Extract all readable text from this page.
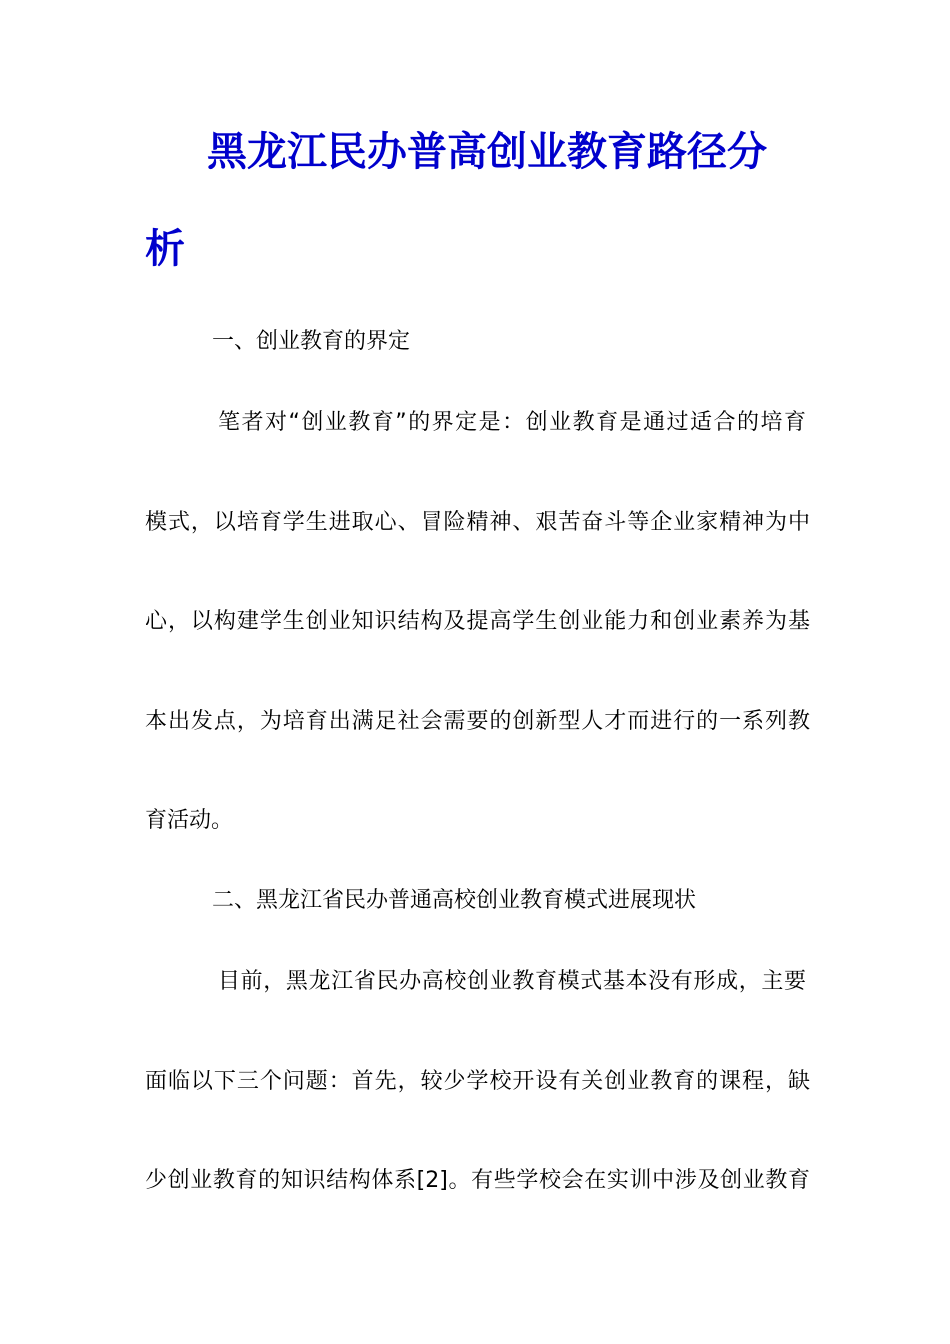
黑龙江民办普高创业教育路径分
析
一、创业教育的界定
笔者对“创业教育”的界定是：创业教育是通过适合的培育
模式，以培育学生进取心、冒险精神、艰苦奋斗等企业家精神为中
心，以构建学生创业知识结构及提高学生创业能力和创业素养为基
本出发点，为培育出满足社会需要的创新型人才而进行的一系列教
育活动。
二、黑龙江省民办普通高校创业教育模式进展现状
目前，黑龙江省民办高校创业教育模式基本没有形成，主要
面临以下三个问题：首先，较少学校开设有关创业教育的课程，缺
少创业教育的知识结构体系[2]。有些学校会在实训中涉及创业教育
